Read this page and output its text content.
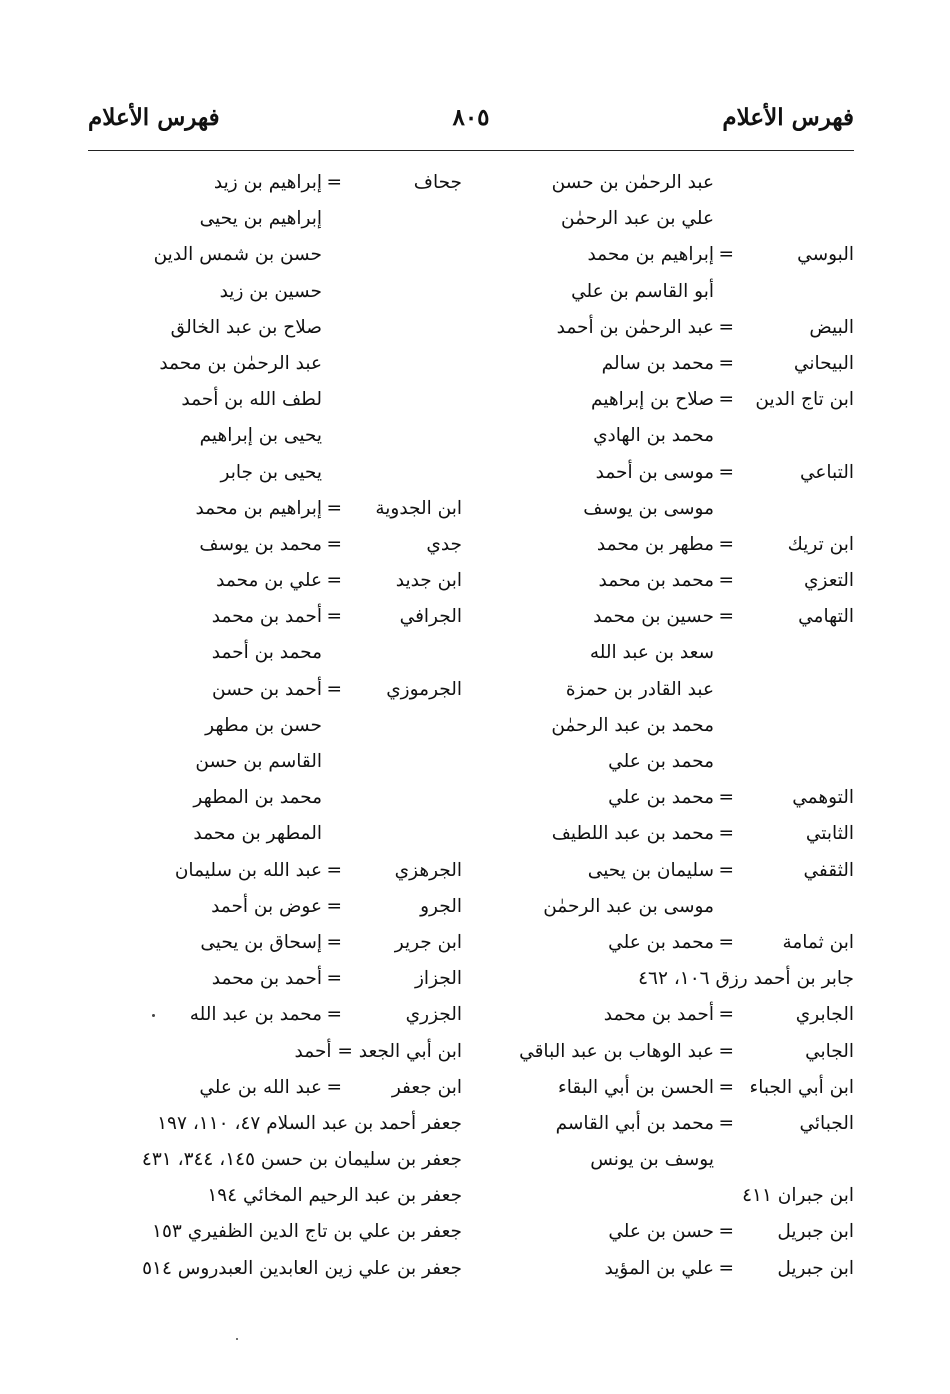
فهرس الأعلام
٨٠٥
فهرس الأعلام
عبد الرحمٰن بن حسن
علي بن عبد الرحمٰن
البوسي
=
إبراهيم بن محمد
أبو القاسم بن علي
البيض
=
عبد الرحمٰن بن أحمد
البيحاني
=
محمد بن سالم
ابن تاج الدين
=
صلاح بن إبراهيم
محمد بن الهادي
التباعي
=
موسى بن أحمد
موسى بن يوسف
ابن تريك
=
مطهر بن محمد
التعزي
=
محمد بن محمد
التهامي
=
حسين بن محمد
سعد بن عبد الله
عبد القادر بن حمزة
محمد بن عبد الرحمٰن
محمد بن علي
التوهمي
=
محمد بن علي
الثابتي
=
محمد بن عبد اللطيف
الثقفي
=
سليمان بن يحيى
موسى بن عبد الرحمٰن
ابن ثمامة
=
محمد بن علي
جابر بن أحمد رزق ١٠٦، ٤٦٢
الجابري
=
أحمد بن محمد
الجابي
=
عبد الوهاب بن عبد الباقي
ابن أبي الجباء
=
الحسن بن أبي البقاء
الجبائي
=
محمد بن أبي القاسم
يوسف بن يونس
ابن جبران ٤١١
ابن جبريل
=
حسن بن علي
ابن جبريل
=
علي بن المؤيد
جحاف
=
إبراهيم بن زيد
إبراهيم بن يحيى
حسن بن شمس الدين
حسين بن زيد
صلاح بن عبد الخالق
عبد الرحمٰن بن محمد
لطف الله بن أحمد
يحيى بن إبراهيم
يحيى بن جابر
ابن الجدوية
=
إبراهيم بن محمد
جدي
=
محمد بن يوسف
ابن جديد
=
علي بن محمد
الجرافي
=
أحمد بن محمد
محمد بن أحمد
الجرموزي
=
أحمد بن حسن
حسن بن مطهر
القاسم بن حسن
محمد بن المطهر
المطهر بن محمد
الجرهزي
=
عبد الله بن سليمان
الجرو
=
عوض بن أحمد
ابن جرير
=
إسحاق بن يحيى
الجزاز
=
أحمد بن محمد
الجزري
=
محمد بن عبد الله
ابن أبي الجعد = أحمد
ابن جعفر
=
عبد الله بن علي
جعفر أحمد بن عبد السلام ٤٧، ١١٠، ١٩٧
جعفر بن سليمان بن حسن ١٤٥، ٣٤٤، ٤٣١
جعفر بن عبد الرحيم المخائي ١٩٤
جعفر بن علي بن تاج الدين الظفيري ١٥٣
جعفر بن علي زين العابدين العبدروس ٥١٤
